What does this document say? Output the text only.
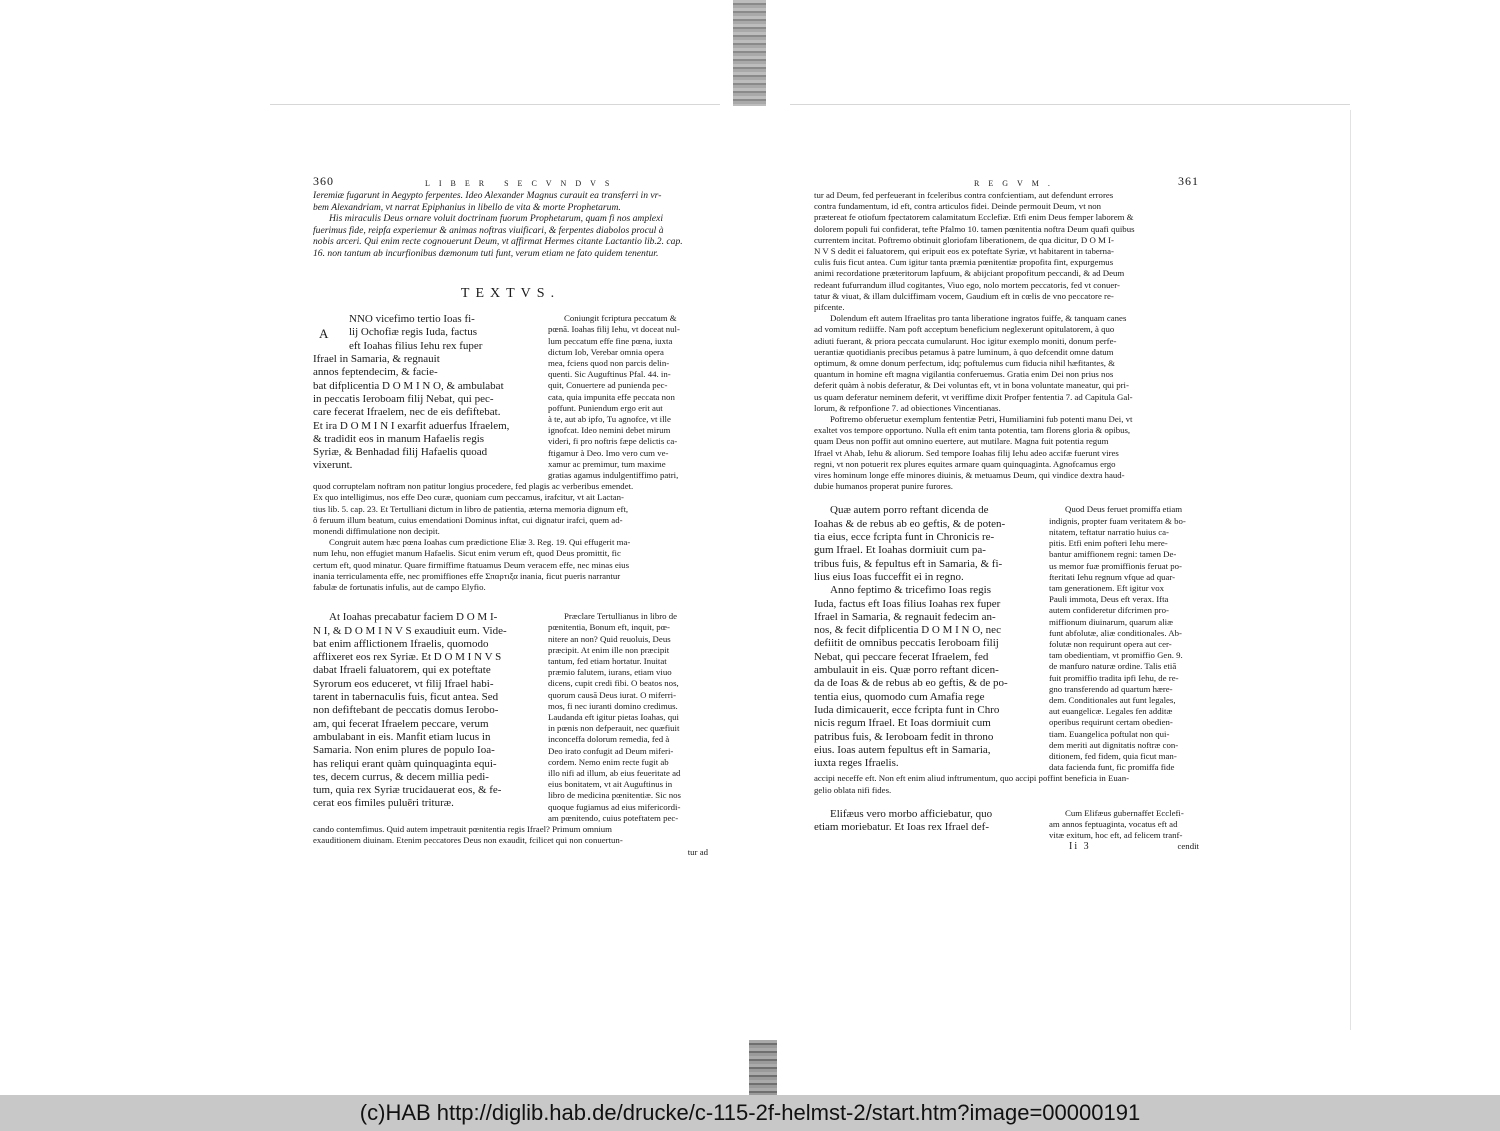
360	LIBER SECVNDVS

Ieremiæ fugarunt in Aegypto ferpentes. Ideo Alexander Magnus curauit ea transferri in vr-

bem Alexandriam, vt narrat Epiphanius in libello de vita & morte Prophetarum.

His miraculis Deus ornare voluit doctrinam fuorum Prophetarum, quam fi nos amplexi

fuerimus fide, reipfa experiemur & animas noftras viuificari, & ferpentes diabolos procul à

nobis arceri. Qui enim recte cognouerunt Deum, vt affirmat Hermes citante Lactantio lib.2. cap.

16. non tantum ab incurfionibus dæmonum tuti funt, verum etiam ne fato quidem tenentur.

TEXTVS.
A

NNO vicefimo tertio Ioas fi-

lij Ochofiæ regis Iuda, factus

eft Ioahas filius Iehu rex fuper

Ifrael in Samaria, & regnauit

annos feptendecim, & facie-

bat difplicentia D O M I N O, & ambulabat

in peccatis Ieroboam filij Nebat, qui pec-

care fecerat Ifraelem, nec de eis defiftebat.

Et ira D O M I N I exarfit aduerfus Ifraelem,

& tradidit eos in manum Hafaelis regis

Syriæ, & Benhadad filij Hafaelis quoad

vixerunt.

Coniungit fcriptura peccatum &

pœnā. Ioahas filij Iehu, vt doceat nul-

lum peccatum effe fine pœna, iuxta

dictum Iob, Verebar omnia opera

mea, fciens quod non parcis delin-

quenti. Sic Auguftinus Pfal. 44. in-

quit, Conuertere ad punienda pec-

cata, quia impunita effe peccata non

poffunt. Puniendum ergo erit aut

à te, aut ab ipfo, Tu agnofce, vt ille

ignofcat. Ideo nemini debet mirum

videri, fi pro noftris fæpe delictis ca-

ftigamur à Deo. Imo vero cum ve-

xamur ac premimur, tum maxime

gratias agamus indulgentiffimo patri,

quod corruptelam noftram non patitur longius procedere, fed plagis ac verberibus emendet.

Ex quo intelligimus, nos effe Deo curæ, quoniam cum peccamus, irafcitur, vt ait Lactan-

tius lib. 5. cap. 23. Et Tertulliani dictum in libro de patientia, æterna memoria dignum eft,

ô feruum illum beatum, cuius emendationi Dominus inftat, cui dignatur irafci, quem ad-

monendi diffimulatione non decipit.

Congruit autem hæc pœna Ioahas cum prædictione Eliæ 3. Reg. 19. Qui effugerit ma-

num Iehu, non effugiet manum Hafaelis. Sicut enim verum eft, quod Deus promittit, fic

certum eft, quod minatur. Quare firmiffime ftatuamus Deum veracem effe, nec minas eius

inania terriculamenta effe, nec promiffiones effe Σπαρτιξα inania, ficut pueris narrantur

fabulæ de fortunatis infulis, aut de campo Elyfio.

At Ioahas precabatur faciem D O M I-

N I, & D O M I N V S exaudiuit eum. Vide-

bat enim afflictionem Ifraelis, quomodo

afflixeret eos rex Syriæ. Et D O M I N V S

dabat Ifraeli faluatorem, qui ex poteftate

Syrorum eos educeret, vt filij Ifrael habi-

tarent in tabernaculis fuis, ficut antea. Sed

non defiftebant de peccatis domus Ierobo-

am, qui fecerat Ifraelem peccare, verum

ambulabant in eis. Manfit etiam lucus in

Samaria. Non enim plures de populo Ioa-

has reliqui erant quàm quinquaginta equi-

tes, decem currus, & decem millia pedi-

tum, quia rex Syriæ trucidauerat eos, & fe-

cerat eos fimiles puluēri trituræ.

Præclare Tertullianus in libro de

pœnitentia, Bonum eft, inquit, pœ-

nitere an non? Quid reuoluis, Deus

præcipit. At enim ille non præcipit

tantum, fed etiam hortatur. Inuitat

præmio falutem, iurans, etiam viuo

dicens, cupit credi fibi. O beatos nos,

quorum causā Deus iurat. O miferri-

mos, fi nec iuranti domino credimus.

Laudanda eft igitur pietas Ioahas, qui

in pœnis non defperauit, nec quæfiuit

inconceffa dolorum remedia, fed à

Deo irato confugit ad Deum miferi-

cordem. Nemo enim recte fugit ab

illo nifi ad illum, ab eius feueritate ad

eius bonitatem, vt ait Auguftinus in

libro de medicina pœnitentiæ. Sic nos

quoque fugiamus ad eius mifericordi-

am pœnitendo, cuius poteftatem pec-

cando contemfimus. Quid autem impetrauit pœnitentia regis Ifrael? Primum omnium

exauditionem diuinam. Etenim peccatores Deus non exaudit, fcilicet qui non conuertun-

tur ad

REGVM.	361

tur ad Deum, fed perfeuerant in fceleribus contra confcientiam, aut defendunt errores

contra fundamentum, id eft, contra articulos fidei. Deinde permouit Deum, vt non

prætereat fe otiofum fpectatorem calamitatum Ecclefiæ. Etfi enim Deus femper laborem &

dolorem populi fui confiderat, tefte Pfalmo 10. tamen pœnitentia noftra Deum quafi quibus

currentem incitat. Poftremo obtinuit gloriofam liberationem, de qua dicitur, D O M I-

N V S dedit ei faluatorem, qui eripuit eos ex poteftate Syriæ, vt habitarent in taberna-

culis fuis ficut antea. Cum igitur tanta præmia pœnitentiæ propofita fint, expurgemus

animi recordatione præteritorum lapfuum, & abijciant propofitum peccandi, & ad Deum

redeant fufurrandum illud cogitantes, Viuo ego, nolo mortem peccatoris, fed vt conuer-

tatur & viuat, & illam dulciffimam vocem, Gaudium eft in cœlis de vno peccatore re-

pifcente.

Dolendum eft autem Ifraelitas pro tanta liberatione ingratos fuiffe, & tanquam canes

ad vomitum rediiffe. Nam poft acceptum beneficium neglexerunt opitulatorem, à quo

adiuti fuerant, & priora peccata cumularunt. Hoc igitur exemplo moniti, donum perfe-

uerantiæ quotidianis precibus petamus à patre luminum, à quo defcendit omne datum

optimum, & omne donum perfectum, idq; poftulemus cum fiducia nihil hæfitantes, &

quantum in homine eft magna vigilantia conferuemus. Gratia enim Dei non prius nos

deferit quàm à nobis deferatur, & Dei voluntas eft, vt in bona voluntate maneatur, qui pri-

us quam deferatur neminem deferit, vt veriffime dixit Profper fententia 7. ad Capitula Gal-

lorum, & refponfione 7. ad obiectiones Vincentianas.

Poftremo obferuetur exemplum fententiæ Petri, Humiliamini fub potenti manu Dei, vt

exaltet vos tempore opportuno. Nulla eft enim tanta potentia, tam florens gloria & opibus,

quam Deus non poffit aut omnino euertere, aut mutilare. Magna fuit potentia regum

Ifrael vt Ahab, Iehu & aliorum. Sed tempore Ioahas filij Iehu adeo accifæ fuerunt vires

regni, vt non potuerit rex plures equites armare quam quinquaginta. Agnofcamus ergo

vires hominum longe effe minores diuinis, & metuamus Deum, qui vindice dextra haud-

dubie humanos properat punire furores.

Quæ autem porro reftant dicenda de

Ioahas & de rebus ab eo geftis, & de poten-

tia eius, ecce fcripta funt in Chronicis re-

gum Ifrael. Et Ioahas dormiuit cum pa-

tribus fuis, & fepultus eft in Samaria, & fi-

lius eius Ioas fucceffit ei in regno.

Anno feptimo & tricefimo Ioas regis

Iuda, factus eft Ioas filius Ioahas rex fuper

Ifrael in Samaria, & regnauit fedecim an-

nos, & fecit difplicentia D O M I N O, nec

defiitit de omnibus peccatis Ieroboam filij

Nebat, qui peccare fecerat Ifraelem, fed

ambulauit in eis. Quæ porro reftant dicen-

da de Ioas & de rebus ab eo geftis, & de po-

tentia eius, quomodo cum Amafia rege

Iuda dimicauerit, ecce fcripta funt in Chro

nicis regum Ifrael. Et Ioas dormiuit cum

patribus fuis, & Ieroboam fedit in throno

eius. Ioas autem fepultus eft in Samaria,

iuxta reges Ifraelis.

Quod Deus feruet promiffa etiam

indignis, propter fuam veritatem & bo-

nitatem, teftatur narratio huius ca-

pitis. Etfi enim pofteri Iehu mere-

bantur amiffionem regni: tamen De-

us memor fuæ promiffionis feruat po-

fteritati Iehu regnum vfque ad quar-

tam generationem. Eft igitur vox

Pauli immota, Deus eft verax. Ifta

autem confideretur difcrimen pro-

miffionum diuinarum, quarum aliæ

funt abfolutæ, aliæ conditionales. Ab-

folutæ non requirunt opera aut cer-

tam obedientiam, vt promiffio Gen. 9.

de manfuro naturæ ordine. Talis etiā

fuit promiffio tradita ipfi Iehu, de re-

gno transferendo ad quartum hære-

dem. Conditionales aut funt legales,

aut euangelicæ. Legales fen additæ

operibus requirunt certam obedien-

tiam. Euangelica poftulat non qui-

dem meriti aut dignitatis noftræ con-

ditionem, fed fidem, quia ficut man-

data facienda funt, fic promiffa fide

accipi neceffe eft. Non eft enim aliud inftrumentum, quo accipi poffint beneficia in Euan-

gelio oblata nifi fides.

Elifæus vero morbo afficiebatur, quo

etiam moriebatur. Et Ioas rex Ifrael def-

Cum Elifæus gubernaffet Ecclefi-

am annos feptuaginta, vocatus eft ad

vitæ exitum, hoc eft, ad felicem tranf-

Ii 3	cendit
(c)HAB http://diglib.hab.de/drucke/c-115-2f-helmst-2/start.htm?image=00000191
